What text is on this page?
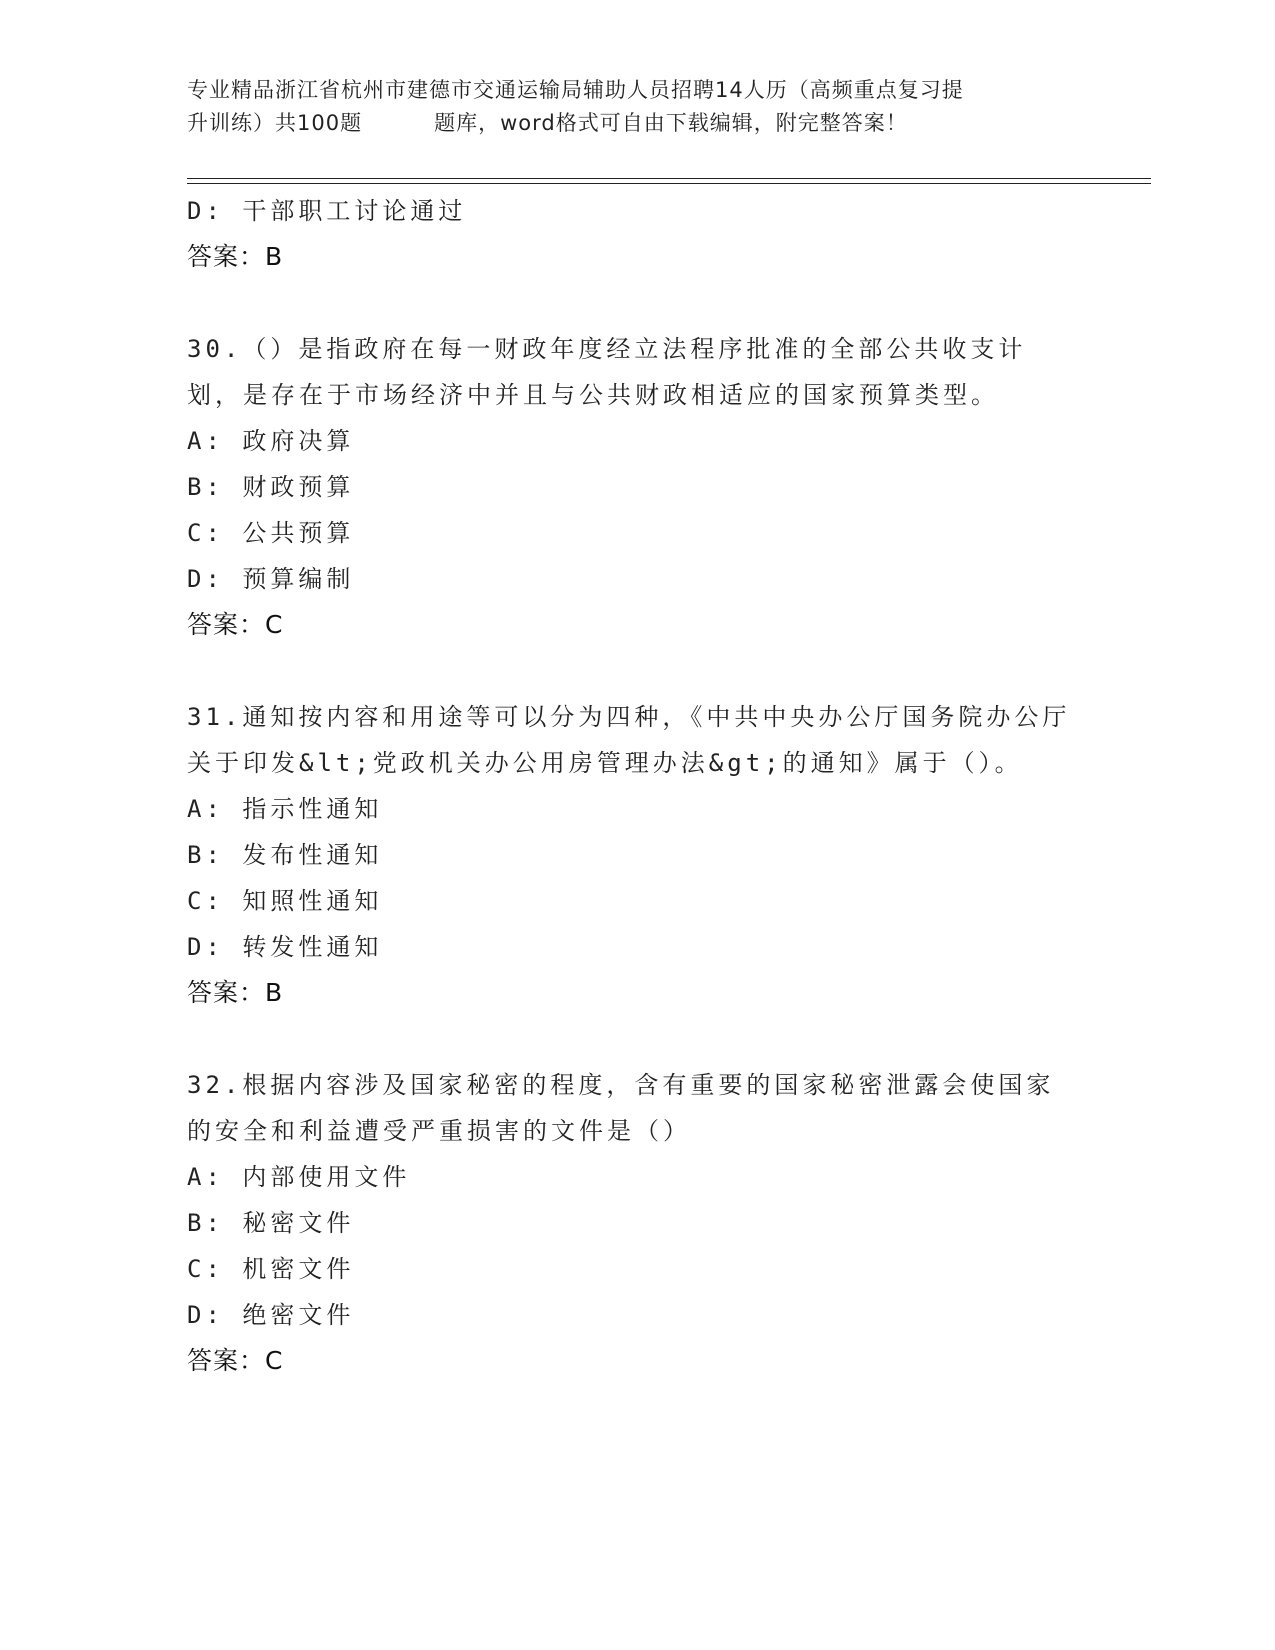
专业精品浙江省杭州市建德市交通运输局辅助人员招聘14人历（高频重点复习提
升训练）共100题	题库，word格式可自由下载编辑，附完整答案！
D: 干部职工讨论通过
答案：B
30.（）是指政府在每一财政年度经立法程序批准的全部公共收支计划，是存在于市场经济中并且与公共财政相适应的国家预算类型。
A: 政府决算
B: 财政预算
C: 公共预算
D: 预算编制
答案：C
31.通知按内容和用途等可以分为四种，《中共中央办公厅国务院办公厅关于印发&lt;党政机关办公用房管理办法&gt;的通知》属于（）。
A: 指示性通知
B: 发布性通知
C: 知照性通知
D: 转发性通知
答案：B
32.根据内容涉及国家秘密的程度，含有重要的国家秘密泄露会使国家的安全和利益遭受严重损害的文件是（）
A: 内部使用文件
B: 秘密文件
C: 机密文件
D: 绝密文件
答案：C
